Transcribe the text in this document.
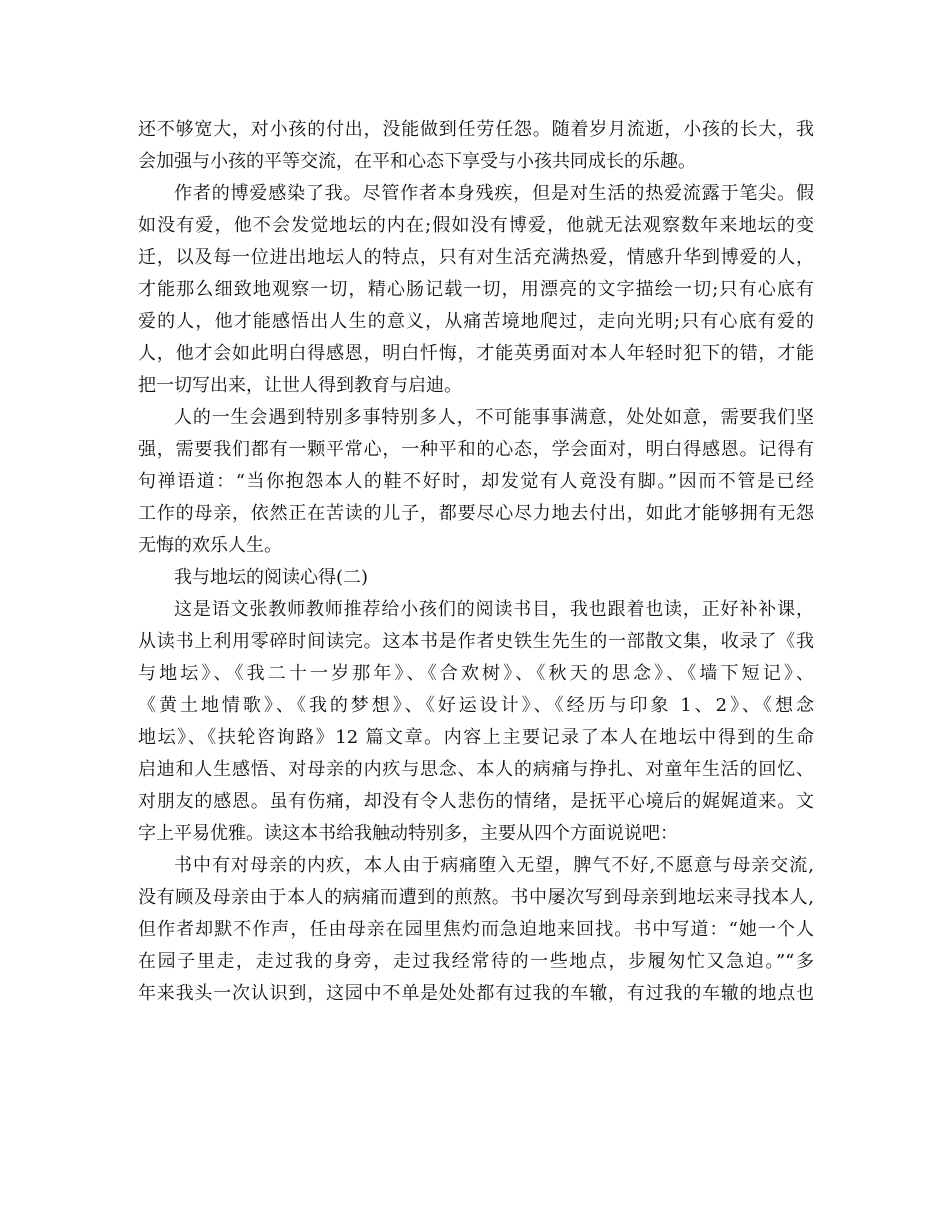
还不够宽大，对小孩的付出，没能做到任劳任怨。随着岁月流逝，小孩的长大，我
会加强与小孩的平等交流，在平和心态下享受与小孩共同成长的乐趣。
作者的博爱感染了我。尽管作者本身残疾，但是对生活的热爱流露于笔尖。假
如没有爱，他不会发觉地坛的内在;假如没有博爱，他就无法观察数年来地坛的变
迁，以及每一位进出地坛人的特点，只有对生活充满热爱，情感升华到博爱的人，
才能那么细致地观察一切，精心肠记载一切，用漂亮的文字描绘一切;只有心底有
爱的人，他才能感悟出人生的意义，从痛苦境地爬过，走向光明;只有心底有爱的
人，他才会如此明白得感恩，明白忏悔，才能英勇面对本人年轻时犯下的错，才能
把一切写出来，让世人得到教育与启迪。
人的一生会遇到特别多事特别多人，不可能事事满意，处处如意，需要我们坚
强，需要我们都有一颗平常心，一种平和的心态，学会面对，明白得感恩。记得有
句禅语道：“当你抱怨本人的鞋不好时，却发觉有人竟没有脚。”因而不管是已经
工作的母亲，依然正在苦读的儿子，都要尽心尽力地去付出，如此才能够拥有无怨
无悔的欢乐人生。
我与地坛的阅读心得(二)
这是语文张教师教师推荐给小孩们的阅读书目，我也跟着也读，正好补补课，
从读书上利用零碎时间读完。这本书是作者史铁生先生的一部散文集，收录了《我
与地坛》、《我二十一岁那年》、《合欢树》、《秋天的思念》、《墙下短记》、
《黄土地情歌》、《我的梦想》、《好运设计》、《经历与印象 1、2》、《想念
地坛》、《扶轮咨询路》12 篇文章。内容上主要记录了本人在地坛中得到的生命
启迪和人生感悟、对母亲的内疚与思念、本人的病痛与挣扎、对童年生活的回忆、
对朋友的感恩。虽有伤痛，却没有令人悲伤的情绪，是抚平心境后的娓娓道来。文
字上平易优雅。读这本书给我触动特别多，主要从四个方面说说吧：
书中有对母亲的内疚，本人由于病痛堕入无望，脾气不好,不愿意与母亲交流,
没有顾及母亲由于本人的病痛而遭到的煎熬。书中屡次写到母亲到地坛来寻找本人,
但作者却默不作声，任由母亲在园里焦灼而急迫地来回找。书中写道：“她一个人
在园子里走，走过我的身旁，走过我经常待的一些地点，步履匆忙又急迫。”“多
年来我头一次认识到，这园中不单是处处都有过我的车辙，有过我的车辙的地点也
